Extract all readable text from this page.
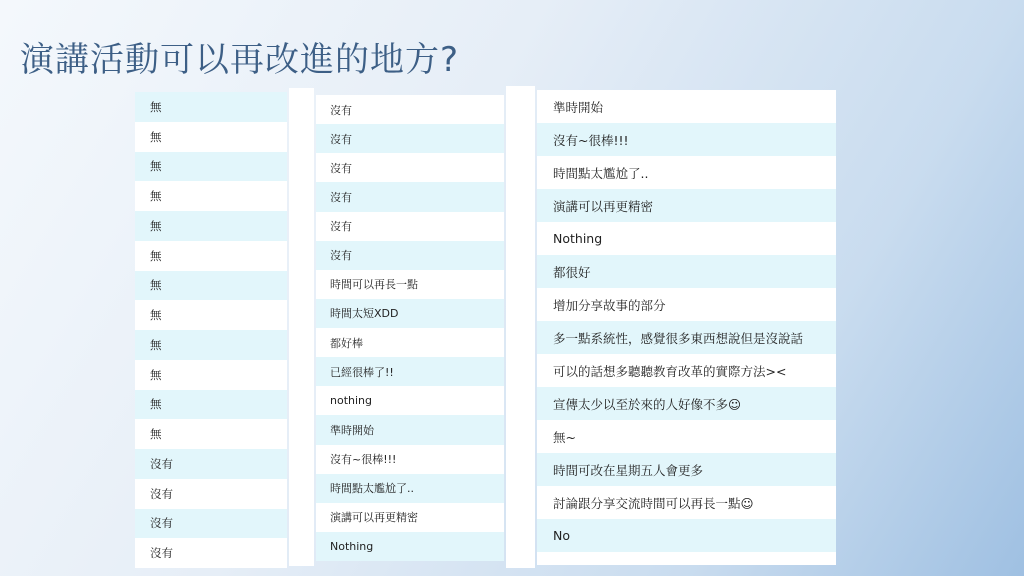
演講活動可以再改進的地方?
無
無
無
無
無
無
無
無
無
無
無
無
沒有
沒有
沒有
沒有
沒有
沒有
沒有
沒有
沒有
沒有
時間可以再長一點
時間太短XDD
都好棒
已經很棒了!!
nothing
準時開始
沒有~很棒!!!
時間點太尷尬了..
演講可以再更精密
Nothing
準時開始
沒有~很棒!!!
時間點太尷尬了..
演講可以再更精密
Nothing
都很好
增加分享故事的部分
多一點系統性，感覺很多東西想說但是沒說話
可以的話想多聽聽教育改革的實際方法><
宣傳太少以至於來的人好像不多☺
無~
時間可改在星期五人會更多
討論跟分享交流時間可以再長一點☺
No
